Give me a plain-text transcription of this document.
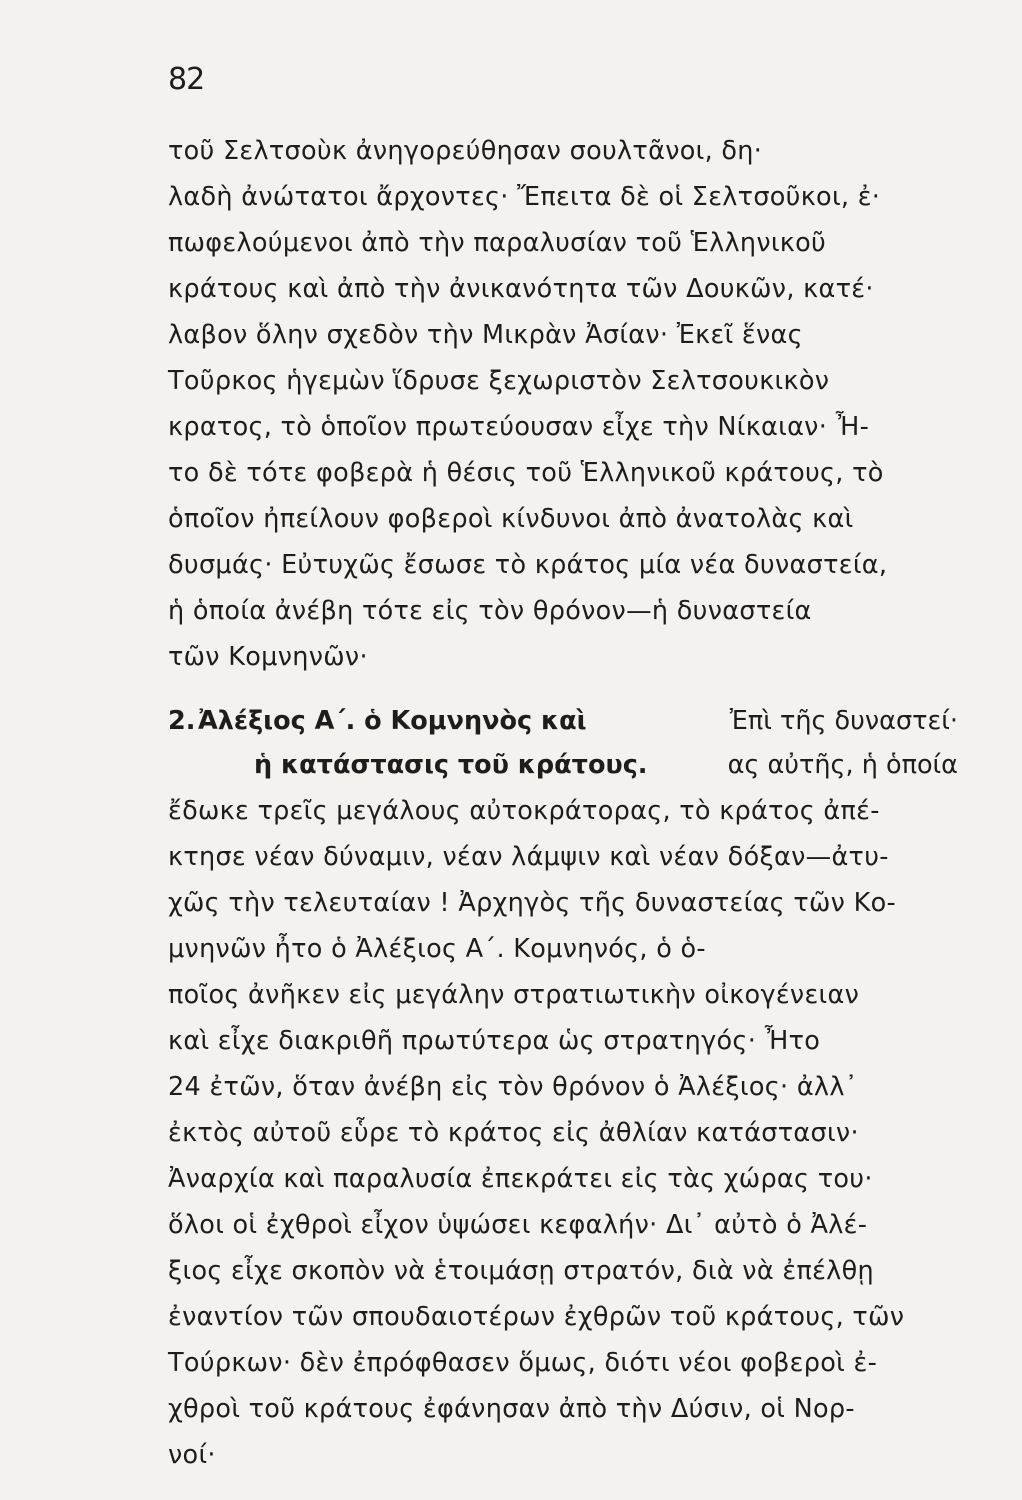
82
τοῦ Σελτσοὺκ ἀνηγορεύθησαν σουλτᾶνοι, δη·
λαδὴ ἀνώτατοι ἄρχοντες· Ἔπειτα δὲ οἱ Σελτσοῦκοι, ἐ·
πωφελούμενοι ἀπὸ τὴν παραλυσίαν τοῦ Ἑλληνικοῦ
κράτους καὶ ἀπὸ τὴν ἀνικανότητα τῶν Δουκῶν, κατέ·
λαβον ὅλην σχεδὸν τὴν Μικρὰν Ἀσίαν· Ἐκεῖ ἕνας
Τοῦρκος ἡγεμὼν ἵδρυσε ξεχωριστὸν Σελτσουκικὸν
κρατος, τὸ ὁποῖον πρωτεύουσαν εἶχε τὴν Νίκαιαν· Ἦ-
το δὲ τότε φοβερὰ ἡ θέσις τοῦ Ἑλληνικοῦ κράτους, τὸ
ὁποῖον ἠπείλουν φοβεροὶ κίνδυνοι ἀπὸ ἀνατολὰς καὶ
δυσμάς· Εὐτυχῶς ἔσωσε τὸ κράτος μία νέα δυναστεία,
ἡ ὁποία ἀνέβη τότε εἰς τὸν θρόνον—ἡ δυναστεία
τῶν Κομνηνῶν·
2. Ἀλέξιος Α΄. ὁ Κομνηνὸς καὶ	Ἐπὶ τῆς δυναστεί·
ἡ κατάστασις τοῦ κράτους.	ας αὐτῆς, ἡ ὁποία
ἔδωκε τρεῖς μεγάλους αὐτοκράτορας, τὸ κράτος ἀπέ-
κτησε νέαν δύναμιν, νέαν λάμψιν καὶ νέαν δόξαν—ἀτυ-
χῶς τὴν τελευταίαν ! Ἀρχηγὸς τῆς δυναστείας τῶν Κο-
μνηνῶν ἦτο ὁ Ἀλέξιος Α΄. Κομνηνός, ὁ ὁ-
ποῖος ἀνῆκεν εἰς μεγάλην στρατιωτικὴν οἰκογένειαν
καὶ εἶχε διακριθῆ πρωτύτερα ὡς στρατηγός· Ἦτο
24 ἐτῶν, ὅταν ἀνέβη εἰς τὸν θρόνον ὁ Ἀλέξιος· ἀλλ᾽
ἐκτὸς αὐτοῦ εὗρε τὸ κράτος εἰς ἀθλίαν κατάστασιν·
Ἀναρχία καὶ παραλυσία ἐπεκράτει εἰς τὰς χώρας του·
ὅλοι οἱ ἐχθροὶ εἶχον ὑψώσει κεφαλήν· Δι᾽ αὐτὸ ὁ Ἀλέ-
ξιος εἶχε σκοπὸν νὰ ἑτοιμάσῃ στρατόν, διὰ νὰ ἐπέλθῃ
ἐναντίον τῶν σπουδαιοτέρων ἐχθρῶν τοῦ κράτους, τῶν
Τούρκων· δὲν ἐπρόφθασεν ὅμως, διότι νέοι φοβεροὶ ἐ-
χθροὶ τοῦ κράτους ἐφάνησαν ἀπὸ τὴν Δύσιν, οἱ Νορ-
νοί·
